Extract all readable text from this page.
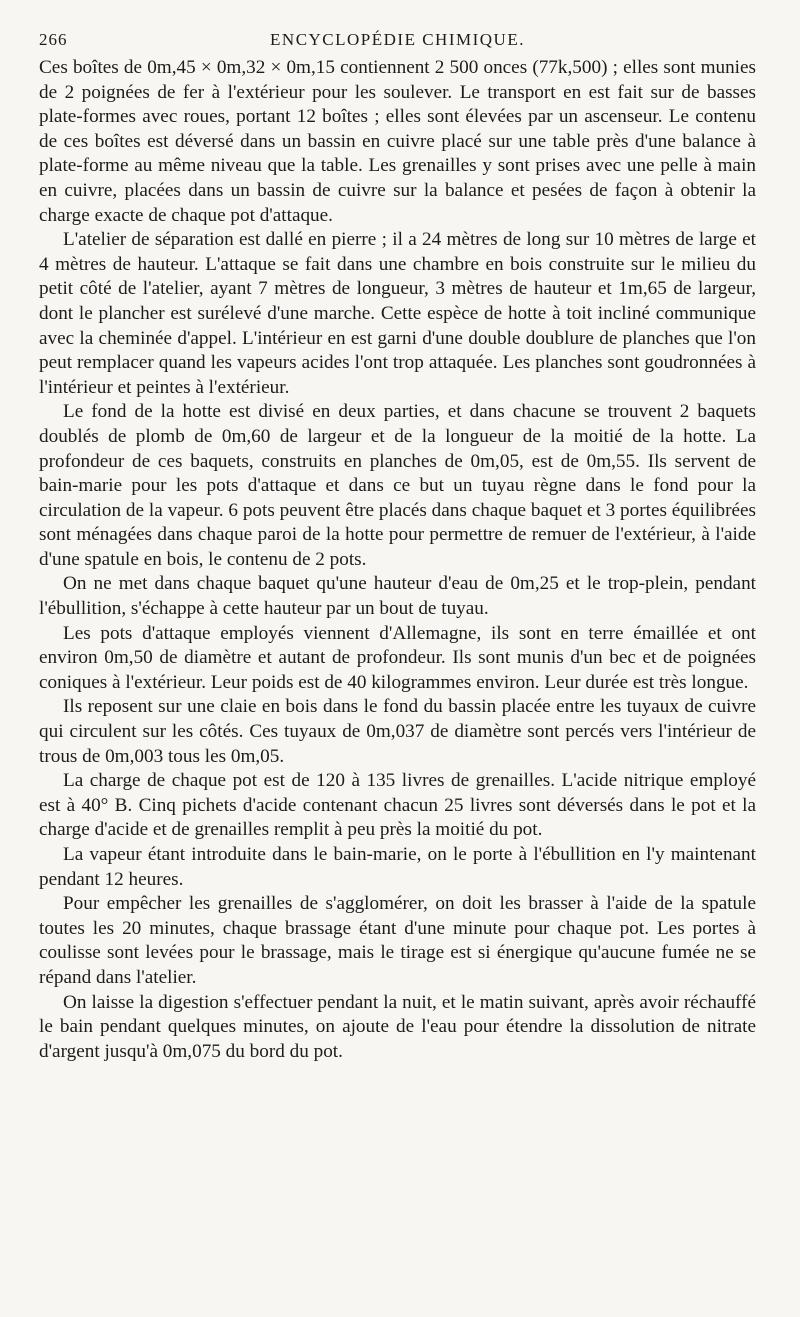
266	ENCYCLOPÉDIE CHIMIQUE.

Ces boîtes de 0m,45 × 0m,32 × 0m,15 contiennent 2 500 onces (77k,500) ; elles sont munies de 2 poignées de fer à l'extérieur pour les soulever. Le transport en est fait sur de basses plate-formes avec roues, portant 12 boîtes ; elles sont élevées par un ascenseur. Le contenu de ces boîtes est déversé dans un bassin en cuivre placé sur une table près d'une balance à plate-forme au même niveau que la table. Les grenailles y sont prises avec une pelle à main en cuivre, placées dans un bassin de cuivre sur la balance et pesées de façon à obtenir la charge exacte de chaque pot d'attaque.

L'atelier de séparation est dallé en pierre ; il a 24 mètres de long sur 10 mètres de large et 4 mètres de hauteur. L'attaque se fait dans une chambre en bois construite sur le milieu du petit côté de l'atelier, ayant 7 mètres de longueur, 3 mètres de hauteur et 1m,65 de largeur, dont le plancher est surélevé d'une marche. Cette espèce de hotte à toit incliné communique avec la cheminée d'appel. L'intérieur en est garni d'une double doublure de planches que l'on peut remplacer quand les vapeurs acides l'ont trop attaquée. Les planches sont goudronnées à l'intérieur et peintes à l'extérieur.

Le fond de la hotte est divisé en deux parties, et dans chacune se trouvent 2 baquets doublés de plomb de 0m,60 de largeur et de la longueur de la moitié de la hotte. La profondeur de ces baquets, construits en planches de 0m,05, est de 0m,55. Ils servent de bain-marie pour les pots d'attaque et dans ce but un tuyau règne dans le fond pour la circulation de la vapeur. 6 pots peuvent être placés dans chaque baquet et 3 portes équilibrées sont ménagées dans chaque paroi de la hotte pour permettre de remuer de l'extérieur, à l'aide d'une spatule en bois, le contenu de 2 pots.

On ne met dans chaque baquet qu'une hauteur d'eau de 0m,25 et le trop-plein, pendant l'ébullition, s'échappe à cette hauteur par un bout de tuyau.

Les pots d'attaque employés viennent d'Allemagne, ils sont en terre émaillée et ont environ 0m,50 de diamètre et autant de profondeur. Ils sont munis d'un bec et de poignées coniques à l'extérieur. Leur poids est de 40 kilogrammes environ. Leur durée est très longue.

Ils reposent sur une claie en bois dans le fond du bassin placée entre les tuyaux de cuivre qui circulent sur les côtés. Ces tuyaux de 0m,037 de diamètre sont percés vers l'intérieur de trous de 0m,003 tous les 0m,05.

La charge de chaque pot est de 120 à 135 livres de grenailles. L'acide nitrique employé est à 40° B. Cinq pichets d'acide contenant chacun 25 livres sont déversés dans le pot et la charge d'acide et de grenailles remplit à peu près la moitié du pot.

La vapeur étant introduite dans le bain-marie, on le porte à l'ébullition en l'y maintenant pendant 12 heures.

Pour empêcher les grenailles de s'agglomérer, on doit les brasser à l'aide de la spatule toutes les 20 minutes, chaque brassage étant d'une minute pour chaque pot. Les portes à coulisse sont levées pour le brassage, mais le tirage est si énergique qu'aucune fumée ne se répand dans l'atelier.

On laisse la digestion s'effectuer pendant la nuit, et le matin suivant, après avoir réchauffé le bain pendant quelques minutes, on ajoute de l'eau pour étendre la dissolution de nitrate d'argent jusqu'à 0m,075 du bord du pot.
